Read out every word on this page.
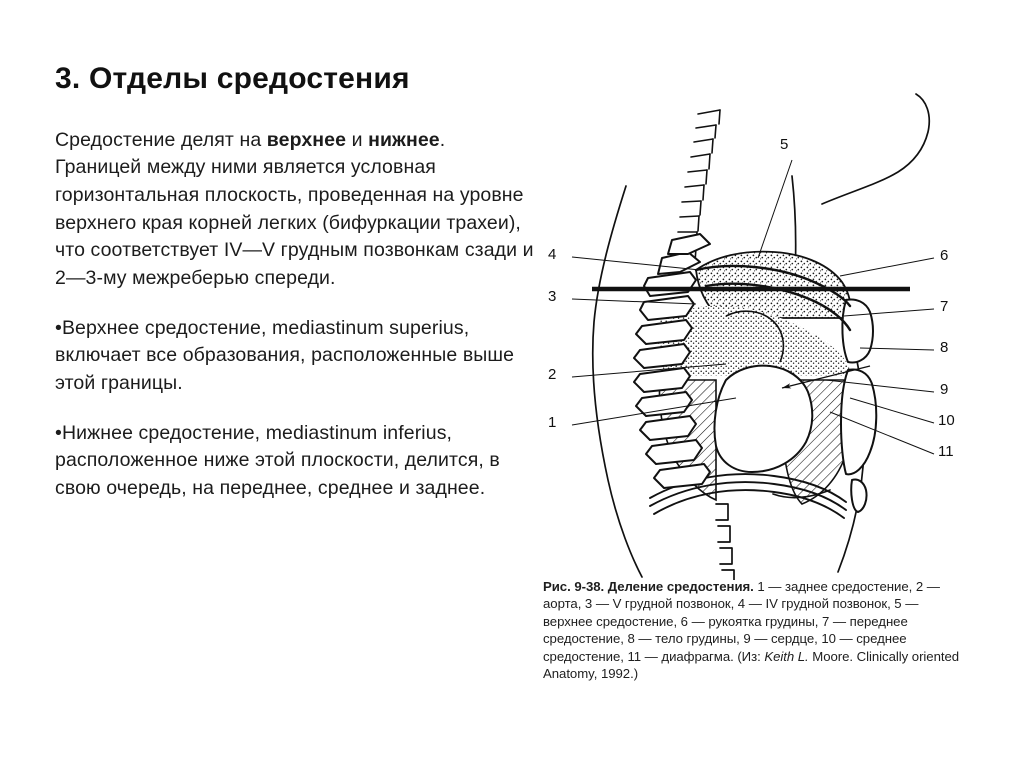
3. Отделы средостения

Средостение делят на верхнее и нижнее. Границей между ними является условная горизонтальная плоскость, проведенная на уровне верхнего края корней легких (бифуркации трахеи), что соответствует IV—V грудным позвонкам сзади и 2—3-му межреберью спереди.

•Верхнее средостение, mediastinum superius, включает все образования, расположенные выше этой границы.

•Нижнее средостение, mediastinum inferius, расположенное ниже этой плоскости, делится, в свою очередь, на переднее, среднее и заднее.

4
3
2
1
5
6
7
8
9
10
11
Рис. 9-38. Деление средостения. 1 — заднее средостение, 2 — аорта, 3 — V грудной позвонок, 4 — IV грудной позвонок, 5 — верхнее средостение, 6 — рукоятка грудины, 7 — переднее средостение, 8 — тело грудины, 9 — сердце, 10 — среднее средостение, 11 — диафрагма. (Из: Keith L. Moore. Clinically oriented Anatomy, 1992.)
